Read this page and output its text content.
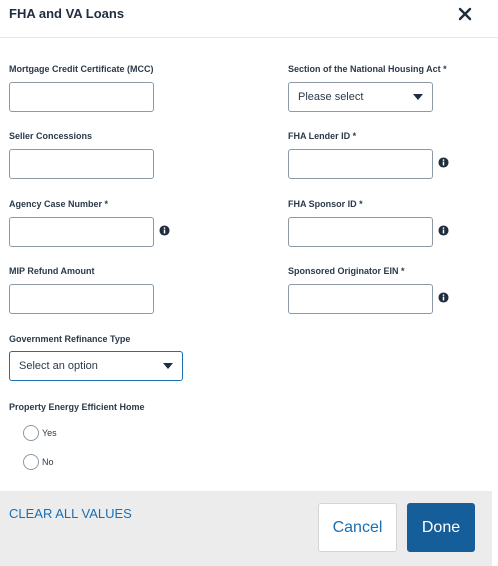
FHA and VA Loans
Mortgage Credit Certificate (MCC)	Section of the National Housing Act *
Please select
Seller Concessions	FHA Lender ID *
Agency Case Number *	FHA Sponsor ID *
MIP Refund Amount	Sponsored Originator EIN *
Government Refinance Type
Select an option
Property Energy Efficient Home
Yes
No
CLEAR ALL VALUES
Cancel	Done
